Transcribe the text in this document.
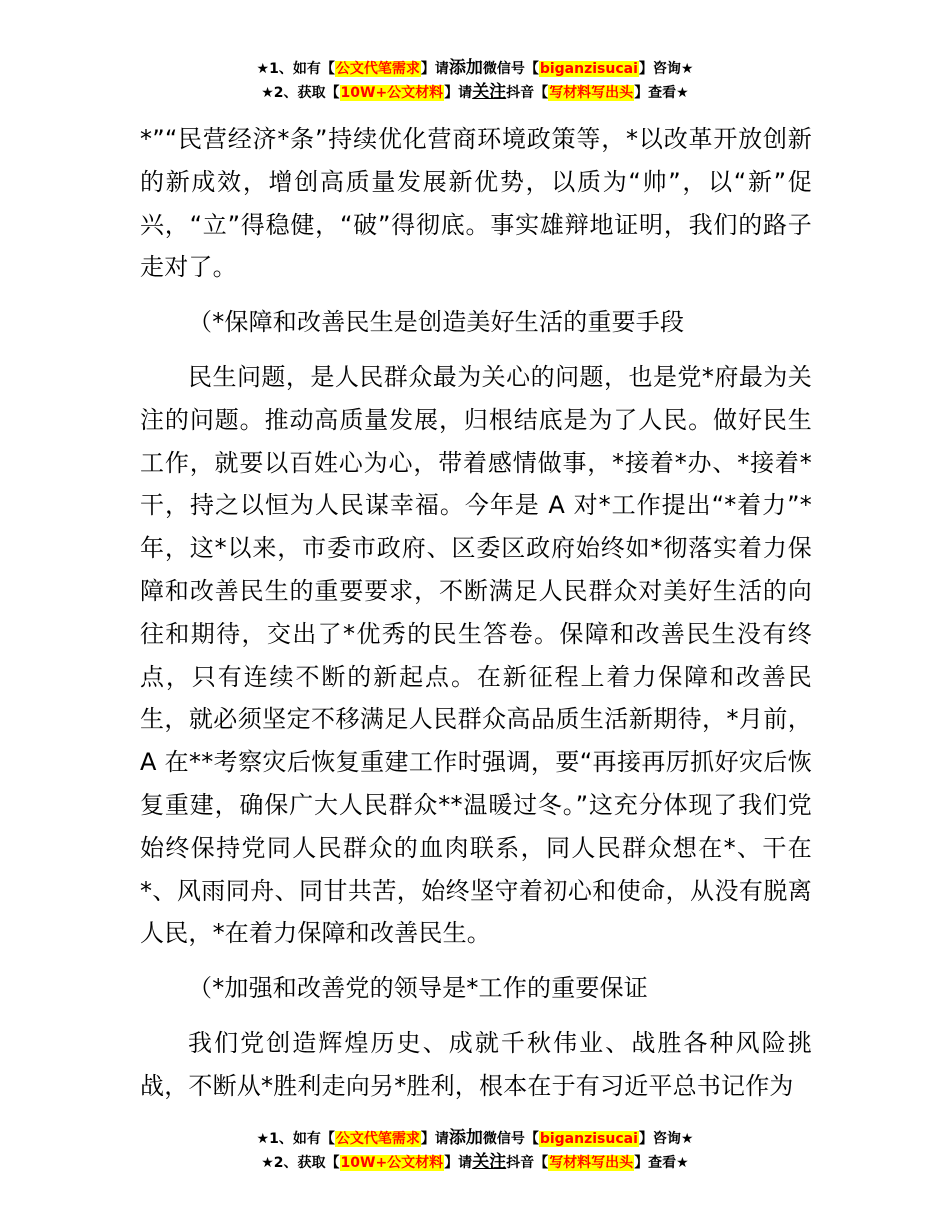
★1、如有【公文代笔需求】请添加微信号【biganzisucai】咨询★
★2、获取【10W+公文材料】请关注抖音【写材料写出头】查看★

*”“民营经济*条”持续优化营商环境政策等，*以改革开放创新的新成效，增创高质量发展新优势，以质为“帅”，以“新”促兴，“立”得稳健，“破”得彻底。事实雄辩地证明，我们的路子走对了。

（*保障和改善民生是创造美好生活的重要手段

民生问题，是人民群众最为关心的问题，也是党*府最为关注的问题。推动高质量发展，归根结底是为了人民。做好民生工作，就要以百姓心为心，带着感情做事，*接着*办、*接着*干，持之以恒为人民谋幸福。今年是 A 对*工作提出“*着力”*年，这*以来，市委市政府、区委区政府始终如*彻落实着力保障和改善民生的重要要求，不断满足人民群众对美好生活的向往和期待，交出了*优秀的民生答卷。保障和改善民生没有终点，只有连续不断的新起点。在新征程上着力保障和改善民生，就必须坚定不移满足人民群众高品质生活新期待，*月前，A 在**考察灾后恢复重建工作时强调，要“再接再厉抓好灾后恢复重建，确保广大人民群众**温暖过冬。”这充分体现了我们党始终保持党同人民群众的血肉联系，同人民群众想在*、干在*、风雨同舟、同甘共苦，始终坚守着初心和使命，从没有脱离人民，*在着力保障和改善民生。

（*加强和改善党的领导是*工作的重要保证

我们党创造辉煌历史、成就千秋伟业、战胜各种风险挑战，不断从*胜利走向另*胜利，根本在于有习近平总书记作为

★1、如有【公文代笔需求】请添加微信号【biganzisucai】咨询★
★2、获取【10W+公文材料】请关注抖音【写材料写出头】查看★
